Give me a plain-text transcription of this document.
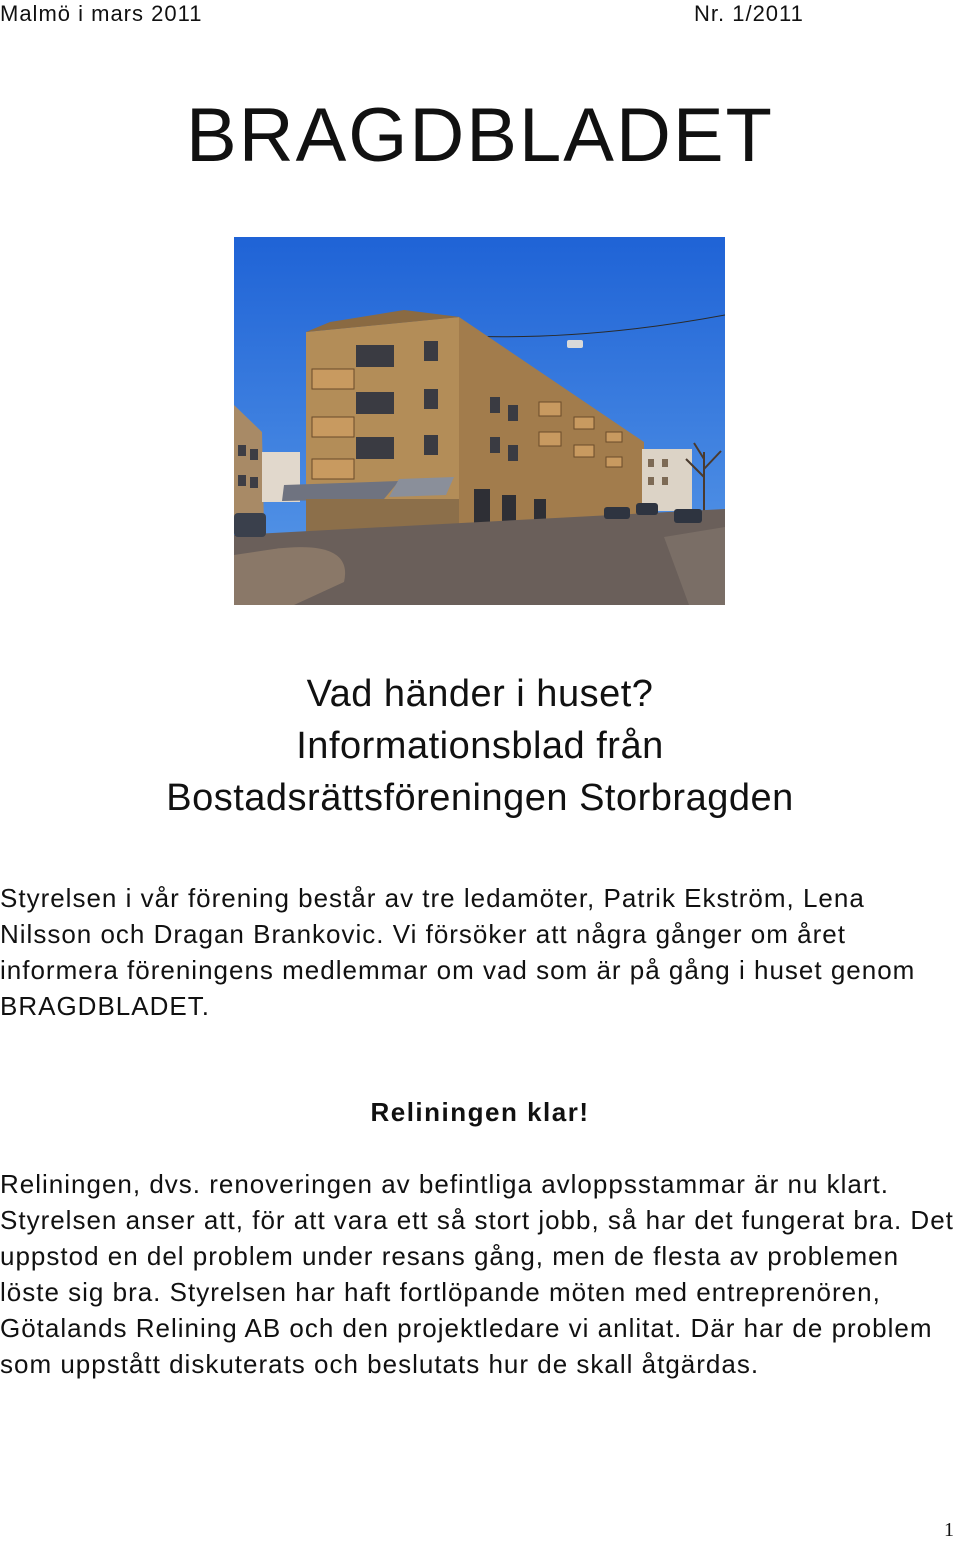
Malmö i mars 2011	Nr. 1/2011
BRAGDBLADET
Vad händer i huset?
Informationsblad från
Bostadsrättsföreningen Storbragden

Styrelsen i vår förening består av tre ledamöter, Patrik Ekström, Lena Nilsson och Dragan Brankovic. Vi försöker att några gånger om året informera föreningens medlemmar om vad som är på gång i huset genom BRAGDBLADET.

Reliningen klar!

Reliningen, dvs. renoveringen av befintliga avloppsstammar är nu klart. Styrelsen anser att, för att vara ett så stort jobb, så har det fungerat bra. Det uppstod en del problem under resans gång, men de flesta av problemen löste sig bra. Styrelsen har haft fortlöpande möten med entreprenören, Götalands Relining AB och den projektledare vi anlitat. Där har de problem som uppstått diskuterats och beslutats hur de skall åtgärdas.

1
